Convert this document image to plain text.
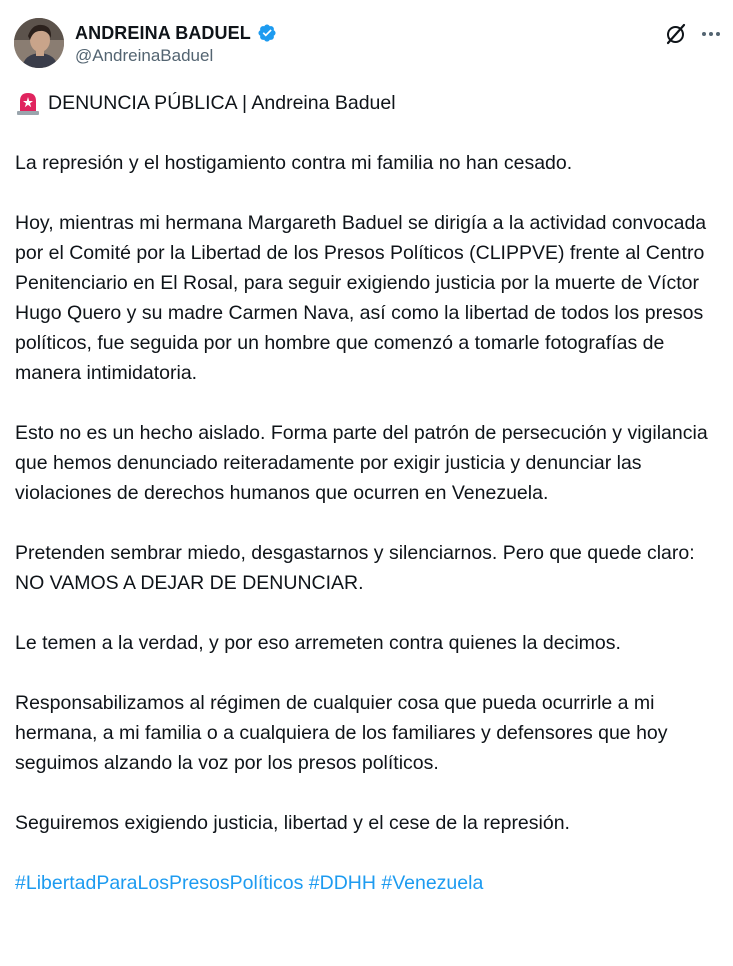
ANDREINA BADUEL
@AndreinaBaduel

DENUNCIA PÚBLICA | Andreina Baduel

La represión y el hostigamiento contra mi familia no han cesado.

Hoy, mientras mi hermana Margareth Baduel se dirigía a la actividad convocada por el Comité por la Libertad de los Presos Políticos (CLIPPVE) frente al Centro Penitenciario en El Rosal, para seguir exigiendo justicia por la muerte de Víctor Hugo Quero y su madre Carmen Nava, así como la libertad de todos los presos políticos, fue seguida por un hombre que comenzó a tomarle fotografías de manera intimidatoria.

Esto no es un hecho aislado. Forma parte del patrón de persecución y vigilancia que hemos denunciado reiteradamente por exigir justicia y denunciar las violaciones de derechos humanos que ocurren en Venezuela.

Pretenden sembrar miedo, desgastarnos y silenciarnos. Pero que quede claro: NO VAMOS A DEJAR DE DENUNCIAR.

Le temen a la verdad, y por eso arremeten contra quienes la decimos.

Responsabilizamos al régimen de cualquier cosa que pueda ocurrirle a mi hermana, a mi familia o a cualquiera de los familiares y defensores que hoy seguimos alzando la voz por los presos políticos.

Seguiremos exigiendo justicia, libertad y el cese de la represión.

#LibertadParaLosPresosPolíticos #DDHH #Venezuela
